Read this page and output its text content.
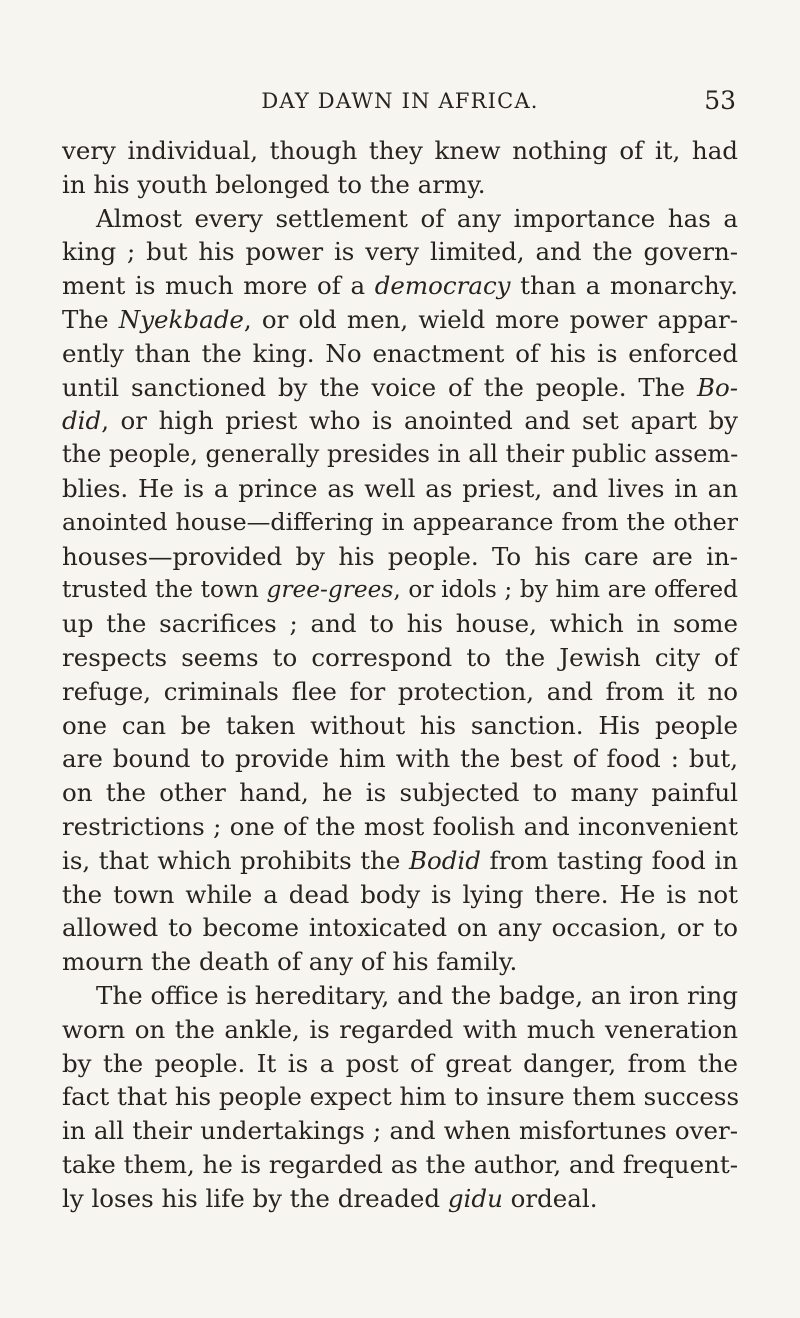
DAY DAWN IN AFRICA.	53
very individual, though they knew nothing of it, had
in his youth belonged to the army.
Almost every settlement of any importance has a
king ; but his power is very limited, and the govern-
ment is much more of a democracy than a monarchy.
The Nyekbade, or old men, wield more power appar-
ently than the king. No enactment of his is enforced
until sanctioned by the voice of the people. The Bo-
did, or high priest who is anointed and set apart by
the people, generally presides in all their public assem-
blies. He is a prince as well as priest, and lives in an
anointed house—differing in appearance from the other
houses—provided by his people. To his care are in-
trusted the town gree-grees, or idols ; by him are offered
up the sacrifices ; and to his house, which in some
respects seems to correspond to the Jewish city of
refuge, criminals flee for protection, and from it no
one can be taken without his sanction. His people
are bound to provide him with the best of food : but,
on the other hand, he is subjected to many painful
restrictions ; one of the most foolish and inconvenient
is, that which prohibits the Bodid from tasting food in
the town while a dead body is lying there. He is not
allowed to become intoxicated on any occasion, or to
mourn the death of any of his family.
The office is hereditary, and the badge, an iron ring
worn on the ankle, is regarded with much veneration
by the people. It is a post of great danger, from the
fact that his people expect him to insure them success
in all their undertakings ; and when misfortunes over-
take them, he is regarded as the author, and frequent-
ly loses his life by the dreaded gidu ordeal.
